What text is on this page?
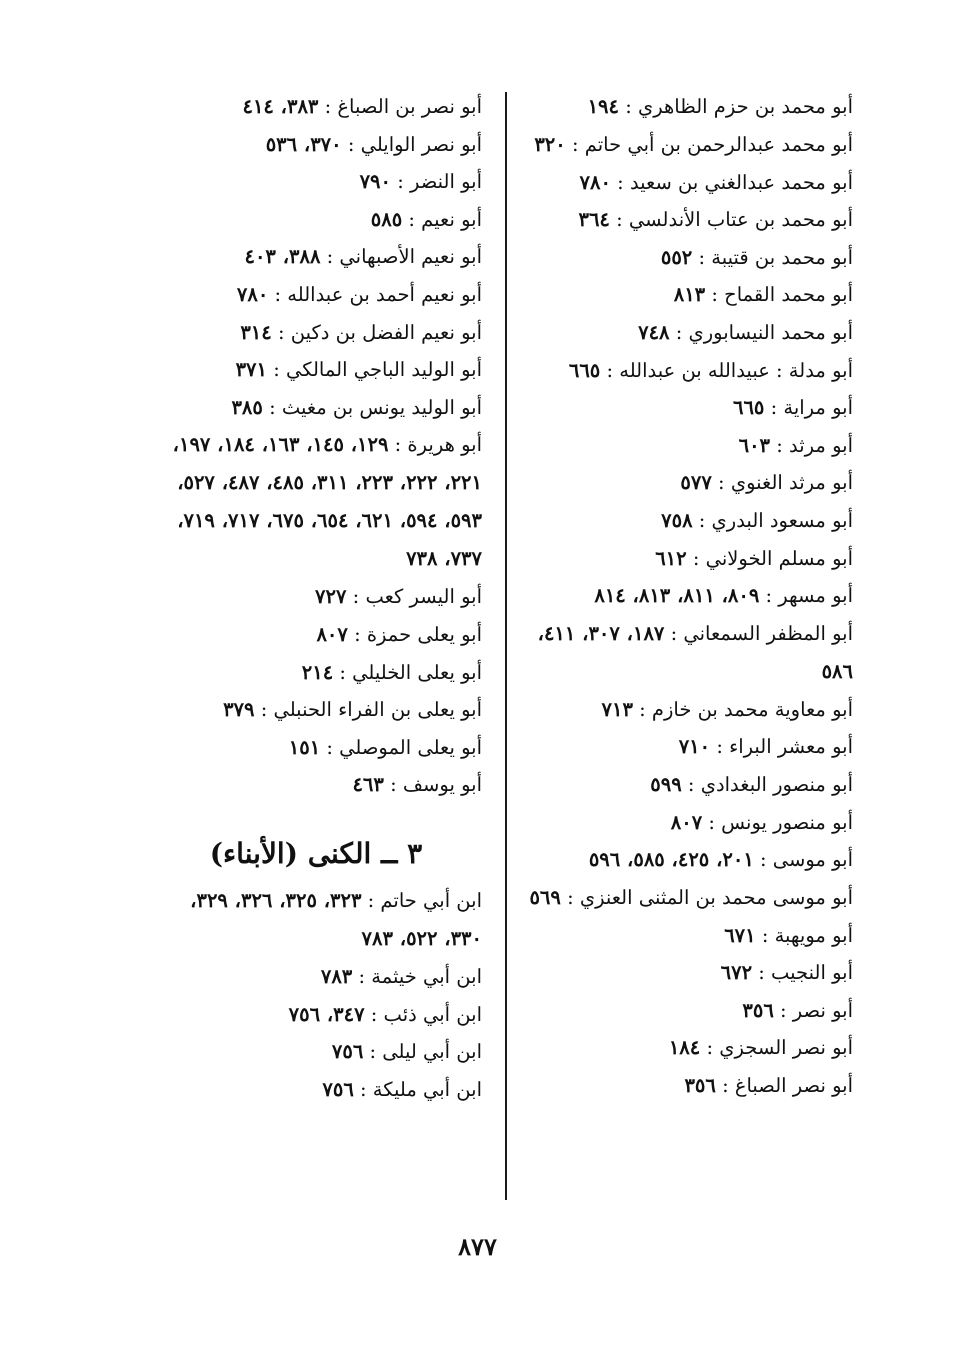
أبو محمد بن حزم الظاهري : ١٩٤

أبو محمد عبدالرحمن بن أبي حاتم : ٣٢٠

أبو محمد عبدالغني بن سعيد : ٧٨٠

أبو محمد بن عتاب الأندلسي : ٣٦٤

أبو محمد بن قتيبة : ٥٥٢

أبو محمد القماح : ٨١٣

أبو محمد النيسابوري : ٧٤٨

أبو مدلة : عبيدالله بن عبدالله : ٦٦٥

أبو مراية : ٦٦٥

أبو مرثد : ٦٠٣

أبو مرثد الغنوي : ٥٧٧

أبو مسعود البدري : ٧٥٨

أبو مسلم الخولاني : ٦١٢

أبو مسهر : ٨٠٩، ٨١١، ٨١٣، ٨١٤

أبو المظفر السمعاني : ١٨٧، ٣٠٧، ٤١١، ٥٨٦

أبو معاوية محمد بن خازم : ٧١٣

أبو معشر البراء : ٧١٠

أبو منصور البغدادي : ٥٩٩

أبو منصور يونس : ٨٠٧

أبو موسى : ٢٠١، ٤٢٥، ٥٨٥، ٥٩٦

أبو موسى محمد بن المثنى العنزي : ٥٦٩

أبو مويهبة : ٦٧١

أبو النجيب : ٦٧٢

أبو نصر : ٣٥٦

أبو نصر السجزي : ١٨٤

أبو نصر الصباغ : ٣٥٦

أبو نصر بن الصباغ : ٣٨٣، ٤١٤

أبو نصر الوايلي : ٣٧٠، ٥٣٦

أبو النضر : ٧٩٠

أبو نعيم : ٥٨٥

أبو نعيم الأصبهاني : ٣٨٨، ٤٠٣

أبو نعيم أحمد بن عبدالله : ٧٨٠

أبو نعيم الفضل بن دكين : ٣١٤

أبو الوليد الباجي المالكي : ٣٧١

أبو الوليد يونس بن مغيث : ٣٨٥

أبو هريرة : ١٢٩، ١٤٥، ١٦٣، ١٨٤، ١٩٧، ٢٢١، ٢٢٢، ٢٢٣، ٣١١، ٤٨٥، ٤٨٧، ٥٢٧، ٥٩٣، ٥٩٤، ٦٢١، ٦٥٤، ٦٧٥، ٧١٧، ٧١٩، ٧٣٧، ٧٣٨

أبو اليسر كعب : ٧٢٧

أبو يعلى حمزة : ٨٠٧

أبو يعلى الخليلي : ٢١٤

أبو يعلى بن الفراء الحنبلي : ٣٧٩

أبو يعلى الموصلي : ١٥١

أبو يوسف : ٤٦٣

٣ ــ الكنى (الأبناء)

ابن أبي حاتم : ٣٢٣، ٣٢٥، ٣٢٦، ٣٢٩، ٣٣٠، ٥٢٢، ٧٨٣

ابن أبي خيثمة : ٧٨٣

ابن أبي ذئب : ٣٤٧، ٧٥٦

ابن أبي ليلى : ٧٥٦

ابن أبي مليكة : ٧٥٦

٨٧٧
